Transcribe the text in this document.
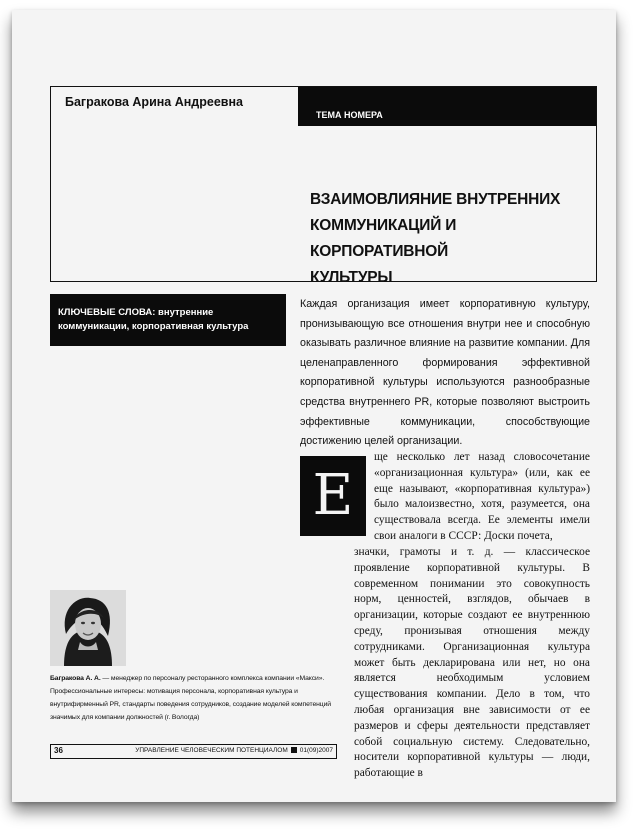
Багракова Арина Андреевна
ТЕМА НОМЕРА
ВЗАИМОВЛИЯНИЕ ВНУТРЕННИХ
КОММУНИКАЦИЙ И КОРПОРАТИВНОЙ
КУЛЬТУРЫ
КЛЮЧЕВЫЕ СЛОВА: внутренние коммуникации, корпоративная культура
Каждая организация имеет корпоративную культуру, пронизывающую все отношения внутри нее и способную оказывать различное влияние на развитие компании. Для целенаправленного формирования эффективной корпоративной культуры используются разнообразные средства внутреннего PR, которые позволяют выстроить эффективные коммуникации, способствующие достижению целей организации.
Е
ще несколько лет назад словосочетание «организационная культура» (или, как ее еще называют, «корпоративная культура») было малоизвестно, хотя, разумеется, она существовала всегда. Ее элементы имели свои аналоги в СССР: Доски почета,
значки, грамоты и т. д. — классическое проявление корпоративной культуры. В современном понимании это совокупность норм, ценностей, взглядов, обычаев в организации, которые создают ее внутреннюю среду, пронизывая отношения между сотрудниками. Организационная культура может быть декларирована или нет, но она является необходимым условием существования компании. Дело в том, что любая организация вне зависимости от ее размеров и сферы деятельности представляет собой социальную систему. Следовательно, носители корпоративной культуры — люди, работающие в
Багракова А. А. — менеджер по персоналу ресторанного комплекса компании «Макси». Профессиональные интересы: мотивация персонала, корпоративная культура и внутрифирменный PR, стандарты поведения сотрудников, создание моделей компетенций значимых для компании должностей (г. Вологда)
36	УПРАВЛЕНИЕ ЧЕЛОВЕЧЕСКИМ ПОТЕНЦИАЛОМ 01(09)2007
